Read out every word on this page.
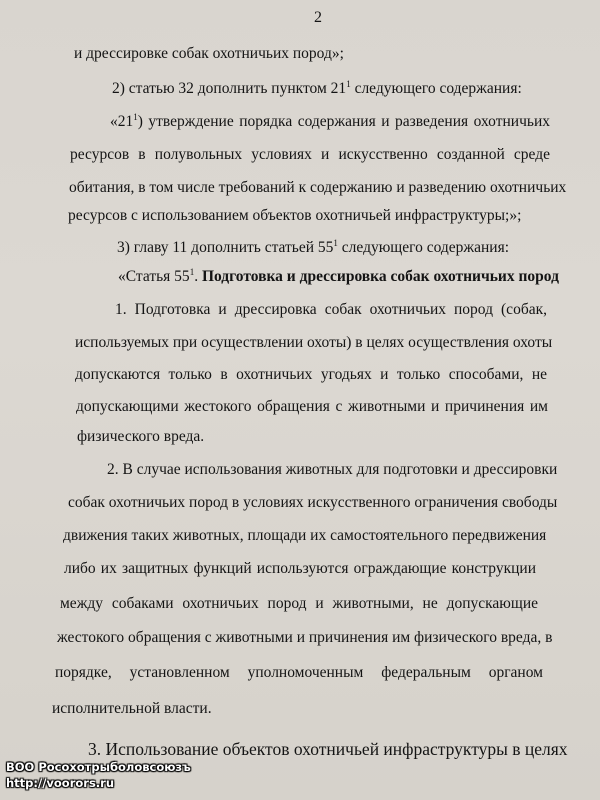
2
и дрессировке собак охотничьих пород»;
2) статью 32 дополнить пунктом $21^1$ следующего содержания:
«$21^1$) утверждение порядка содержания и разведения охотничьих
ресурсов в полувольных условиях и искусственно созданной среде
обитания, в том числе требований к содержанию и разведению охотничьих
ресурсов с использованием объектов охотничьей инфраструктуры;»;
3) главу 11 дополнить статьей $55^1$ следующего содержания:
«Статья $55^1$. Подготовка и дрессировка собак охотничьих пород
1. Подготовка и дрессировка собак охотничьих пород (собак,
используемых при осуществлении охоты) в целях осуществления охоты
допускаются только в охотничьих угодьях и только способами, не
допускающими жестокого обращения с животными и причинения им
физического вреда.
2. В случае использования животных для подготовки и дрессировки
собак охотничьих пород в условиях искусственного ограничения свободы
движения таких животных, площади их самостоятельного передвижения
либо их защитных функций используются ограждающие конструкции
между собаками охотничьих пород и животными, не допускающие
жестокого обращения с животными и причинения им физического вреда, в
порядке, установленном уполномоченным федеральным органом
исполнительной власти.
3. Использование объектов охотничьей инфраструктуры в целях
ВОО Росохотрыболовсоюзъ
http://voorors.ru
